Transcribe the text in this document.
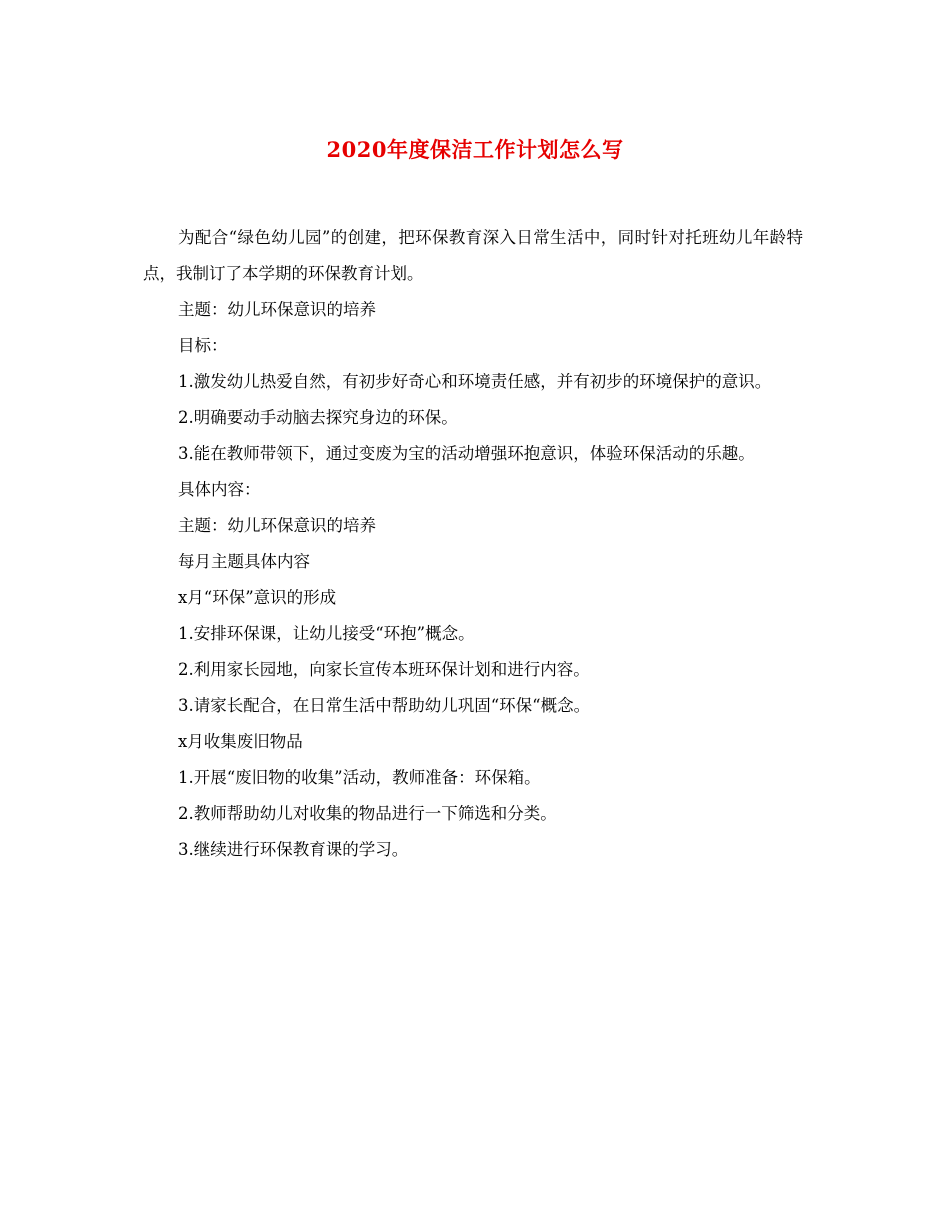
2020年度保洁工作计划怎么写

为配合“绿色幼儿园”的创建，把环保教育深入日常生活中，同时针对托班幼儿年龄特点，我制订了本学期的环保教育计划。

主题：幼儿环保意识的培养

目标：

1.激发幼儿热爱自然，有初步好奇心和环境责任感，并有初步的环境保护的意识。

2.明确要动手动脑去探究身边的环保。

3.能在教师带领下，通过变废为宝的活动增强环抱意识，体验环保活动的乐趣。

具体内容：

主题：幼儿环保意识的培养

每月主题具体内容

x月“环保”意识的形成

1.安排环保课，让幼儿接受“环抱”概念。

2.利用家长园地，向家长宣传本班环保计划和进行内容。

3.请家长配合，在日常生活中帮助幼儿巩固“环保“概念。

x月收集废旧物品

1.开展“废旧物的收集”活动，教师准备：环保箱。

2.教师帮助幼儿对收集的物品进行一下筛选和分类。

3.继续进行环保教育课的学习。
